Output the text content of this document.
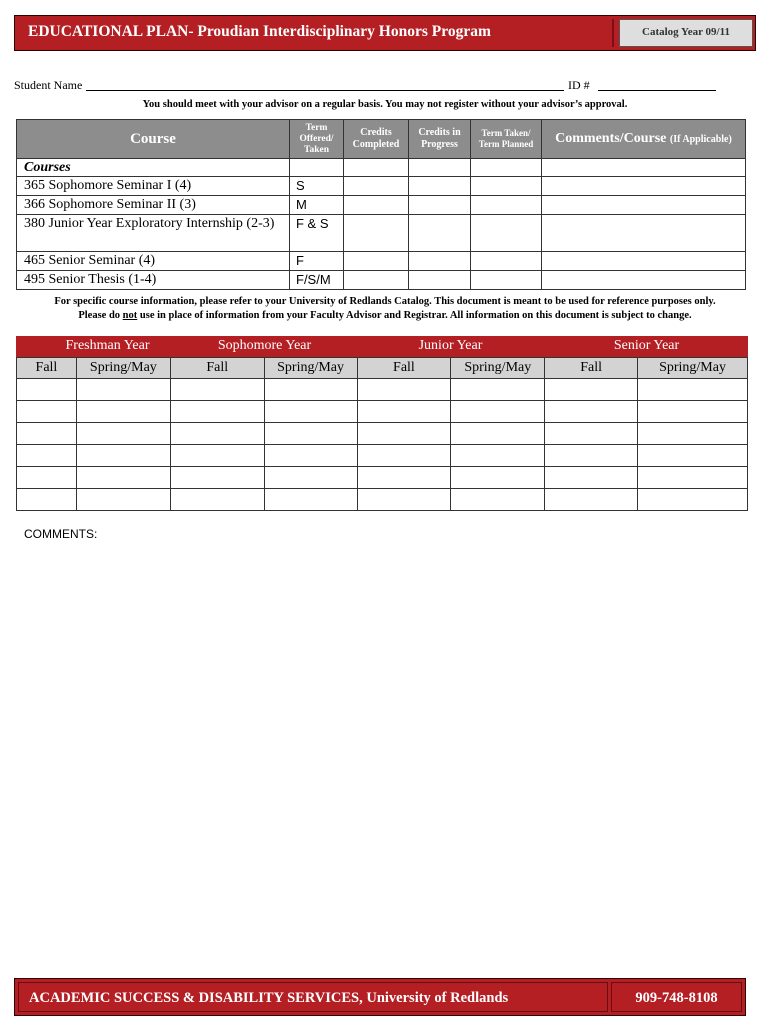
EDUCATIONAL PLAN- Proudian Interdisciplinary Honors Program	Catalog Year 09/11
Student Name	ID #
You should meet with your advisor on a regular basis. You may not register without your advisor’s approval.
Course	Term Offered/ Taken	Credits Completed	Credits in Progress	Term Taken/ Term Planned	Comments/Course (If Applicable)
Courses					
365 Sophomore Seminar I (4)	S				
366 Sophomore Seminar II (3)	M				
380 Junior Year Exploratory Internship (2-3)	F & S				
465 Senior Seminar (4)	F				
495 Senior Thesis (1-4)	F/S/M				
For specific course information, please refer to your University of Redlands Catalog. This document is meant to be used for reference purposes only.
Please do not use in place of information from your Faculty Advisor and Registrar. All information on this document is subject to change.
Freshman Year	Sophomore Year	Junior Year	Senior Year
Fall	Spring/May	Fall	Spring/May	Fall	Spring/May	Fall	Spring/May

COMMENTS:
ACADEMIC SUCCESS & DISABILITY SERVICES, University of Redlands	909-748-8108
